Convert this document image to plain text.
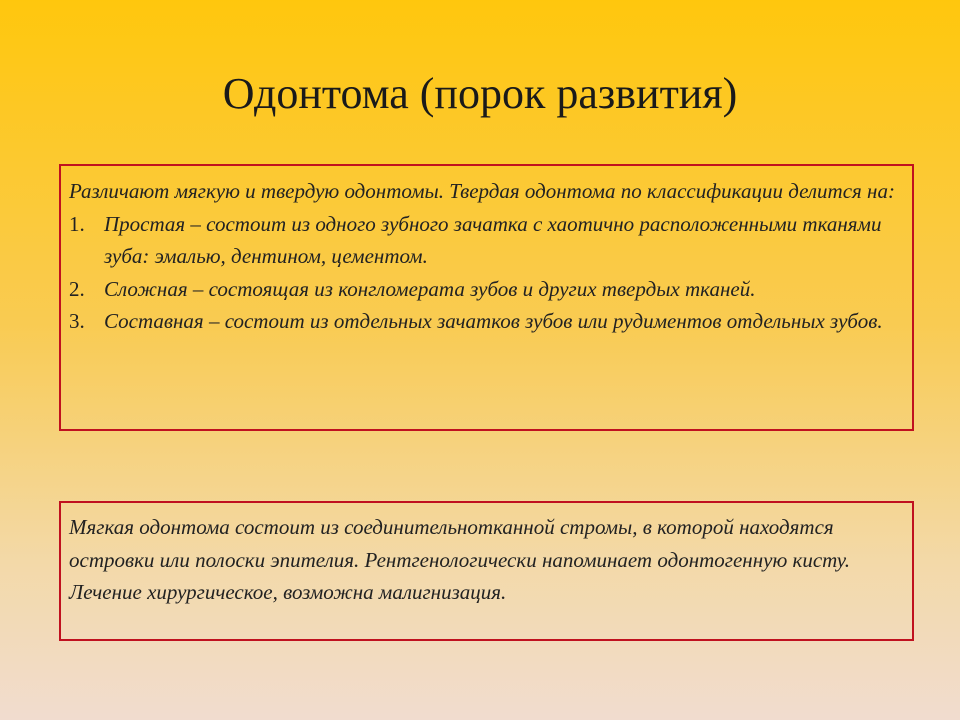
Одонтома (порок развития)

Различают мягкую и твердую одонтомы. Твердая одонтома по классификации делится на:

1. Простая – состоит из одного зубного зачатка с хаотично расположенными тканями зуба: эмалью, дентином, цементом.
2. Сложная – состоящая из конгломерата зубов и других твердых тканей.
3. Составная – состоит из отдельных зачатков зубов или рудиментов отдельных зубов.

Мягкая одонтома состоит из соединительнотканной стромы, в которой находятся островки или полоски эпителия. Рентгенологически напоминает одонтогенную кисту. Лечение хирургическое, возможна малигнизация.
